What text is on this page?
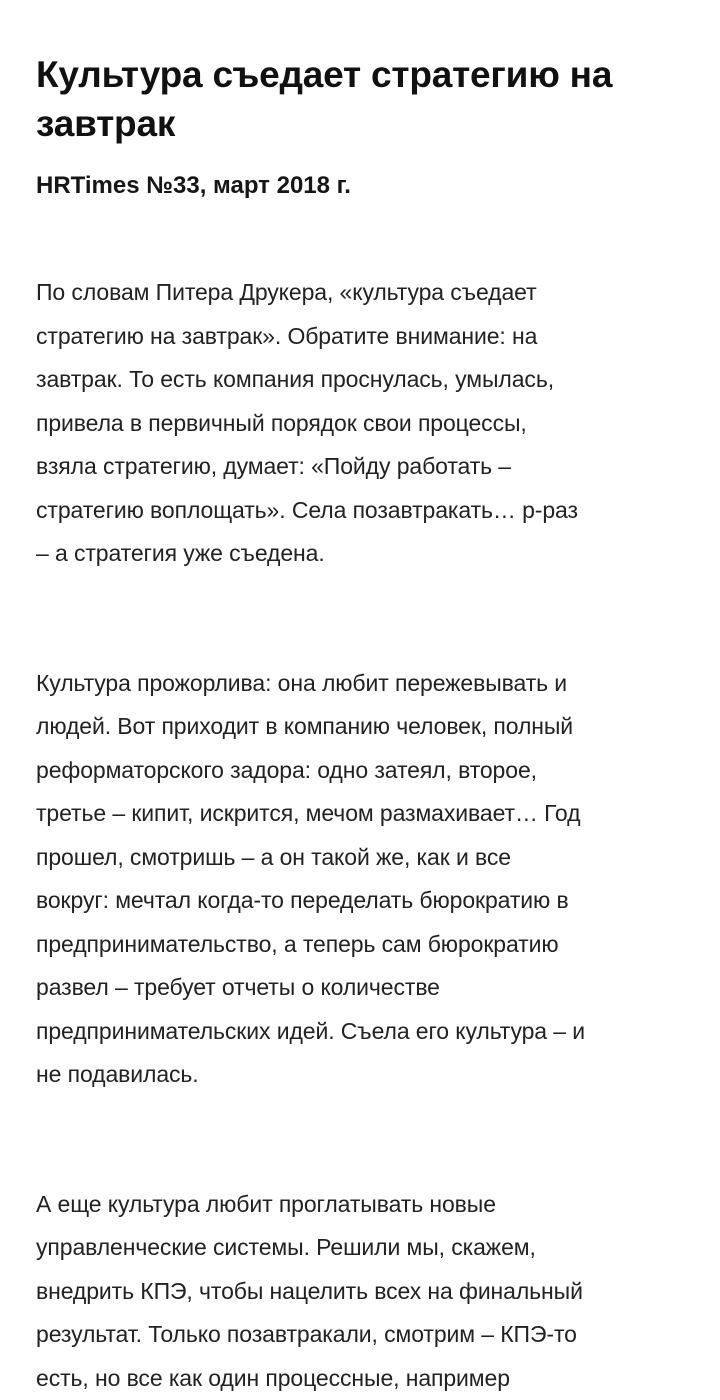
Культура съедает стратегию на
завтрак

HRTimes №33, март 2018 г.

По словам Питера Друкера, «культура съедает
стратегию на завтрак». Обратите внимание: на
завтрак. То есть компания проснулась, умылась,
привела в первичный порядок свои процессы,
взяла стратегию, думает: «Пойду работать –
стратегию воплощать». Села позавтракать… р-раз
– а стратегия уже съедена.

Культура прожорлива: она любит пережевывать и
людей. Вот приходит в компанию человек, полный
реформаторского задора: одно затеял, второе,
третье – кипит, искрится, мечом размахивает… Год
прошел, смотришь – а он такой же, как и все
вокруг: мечтал когда-то переделать бюрократию в
предпринимательство, а теперь сам бюрократию
развел – требует отчеты о количестве
предпринимательских идей. Съела его культура – и
не подавилась.

А еще культура любит проглатывать новые
управленческие системы. Решили мы, скажем,
внедрить КПЭ, чтобы нацелить всех на финальный
результат. Только позавтракали, смотрим – КПЭ-то
есть, но все как один процессные, например
